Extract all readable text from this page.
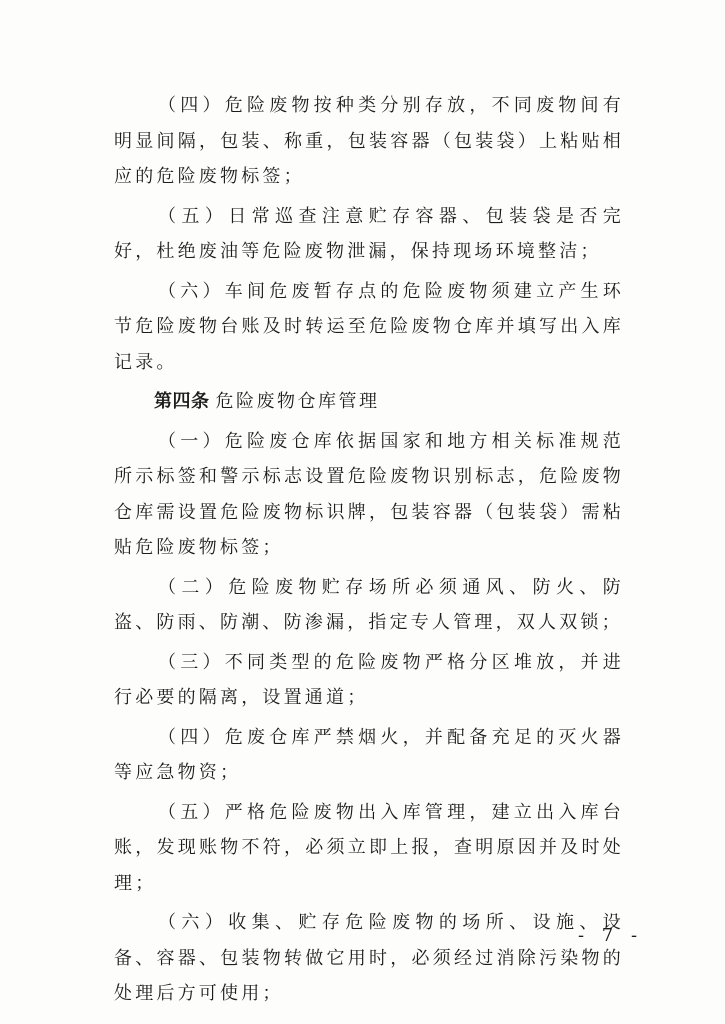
（四）危险废物按种类分别存放，不同废物间有明显间隔，包装、称重，包装容器（包装袋）上粘贴相应的危险废物标签；

（五）日常巡查注意贮存容器、包装袋是否完好，杜绝废油等危险废物泄漏，保持现场环境整洁；

（六）车间危废暂存点的危险废物须建立产生环节危险废物台账及时转运至危险废物仓库并填写出入库记录。

第四条 危险废物仓库管理

（一）危险废仓库依据国家和地方相关标准规范所示标签和警示标志设置危险废物识别标志，危险废物仓库需设置危险废物标识牌，包装容器（包装袋）需粘贴危险废物标签；

（二）危险废物贮存场所必须通风、防火、防盗、防雨、防潮、防渗漏，指定专人管理，双人双锁；

（三）不同类型的危险废物严格分区堆放，并进行必要的隔离，设置通道；

（四）危废仓库严禁烟火，并配备充足的灭火器等应急物资；

（五）严格危险废物出入库管理，建立出入库台账，发现账物不符，必须立即上报，查明原因并及时处理；

（六）收集、贮存危险废物的场所、设施、设备、容器、包装物转做它用时，必须经过消除污染物的处理后方可使用；

- 7 -
